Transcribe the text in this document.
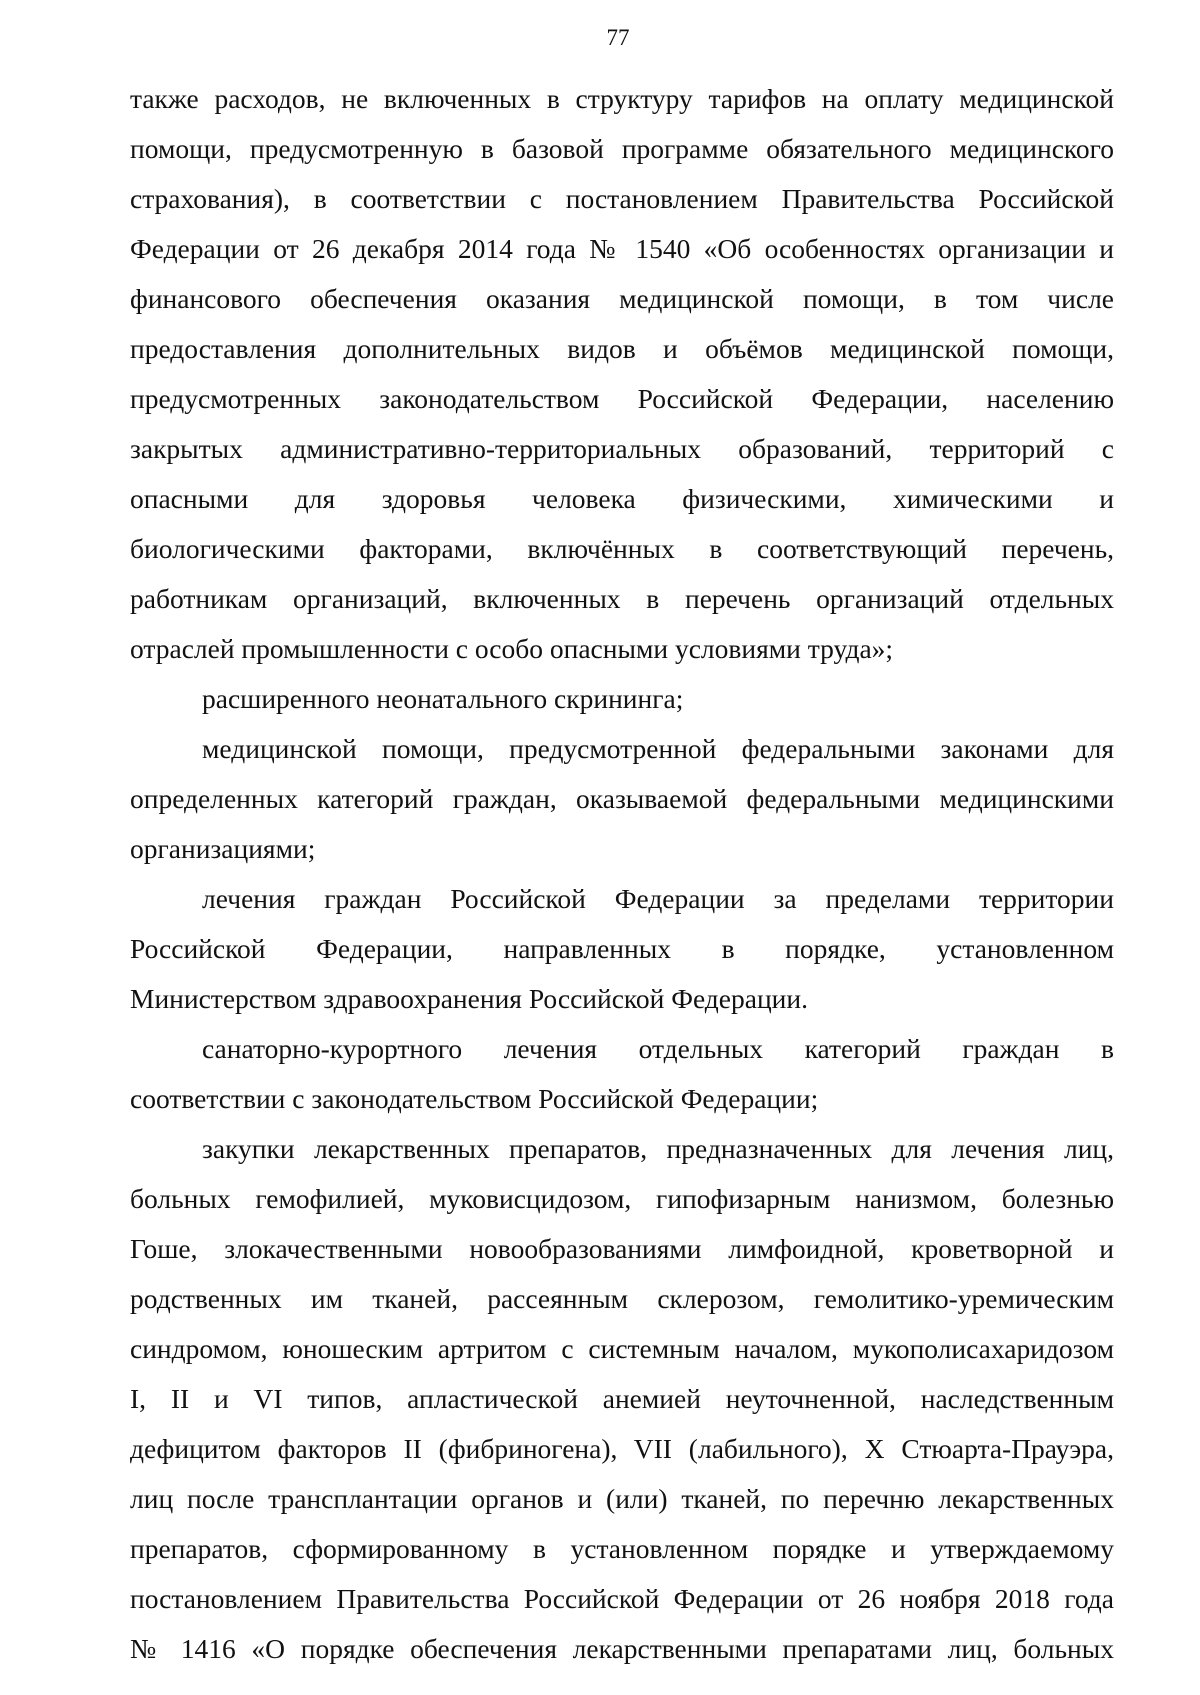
77
также расходов, не включенных в структуру тарифов на оплату медицинской
помощи, предусмотренную в базовой программе обязательного медицинского
страхования), в соответствии с постановлением Правительства Российской
Федерации от 26 декабря 2014 года № 1540 «Об особенностях организации и
финансового обеспечения оказания медицинской помощи, в том числе
предоставления дополнительных видов и объёмов медицинской помощи,
предусмотренных законодательством Российской Федерации, населению
закрытых административно-территориальных образований, территорий с
опасными для здоровья человека физическими, химическими и
биологическими факторами, включённых в соответствующий перечень,
работникам организаций, включенных в перечень организаций отдельных
отраслей промышленности с особо опасными условиями труда»;
расширенного неонатального скрининга;
медицинской помощи, предусмотренной федеральными законами для
определенных категорий граждан, оказываемой федеральными медицинскими
организациями;
лечения граждан Российской Федерации за пределами территории
Российской Федерации, направленных в порядке, установленном
Министерством здравоохранения Российской Федерации.
санаторно-курортного лечения отдельных категорий граждан в
соответствии с законодательством Российской Федерации;
закупки лекарственных препаратов, предназначенных для лечения лиц,
больных гемофилией, муковисцидозом, гипофизарным нанизмом, болезнью
Гоше, злокачественными новообразованиями лимфоидной, кроветворной и
родственных им тканей, рассеянным склерозом, гемолитико-уремическим
синдромом, юношеским артритом с системным началом, мукополисахаридозом
I, II и VI типов, апластической анемией неуточненной, наследственным
дефицитом факторов II (фибриногена), VII (лабильного), X Стюарта-Прауэра,
лиц после трансплантации органов и (или) тканей, по перечню лекарственных
препаратов, сформированному в установленном порядке и утверждаемому
постановлением Правительства Российской Федерации от 26 ноября 2018 года
№ 1416 «О порядке обеспечения лекарственными препаратами лиц, больных
